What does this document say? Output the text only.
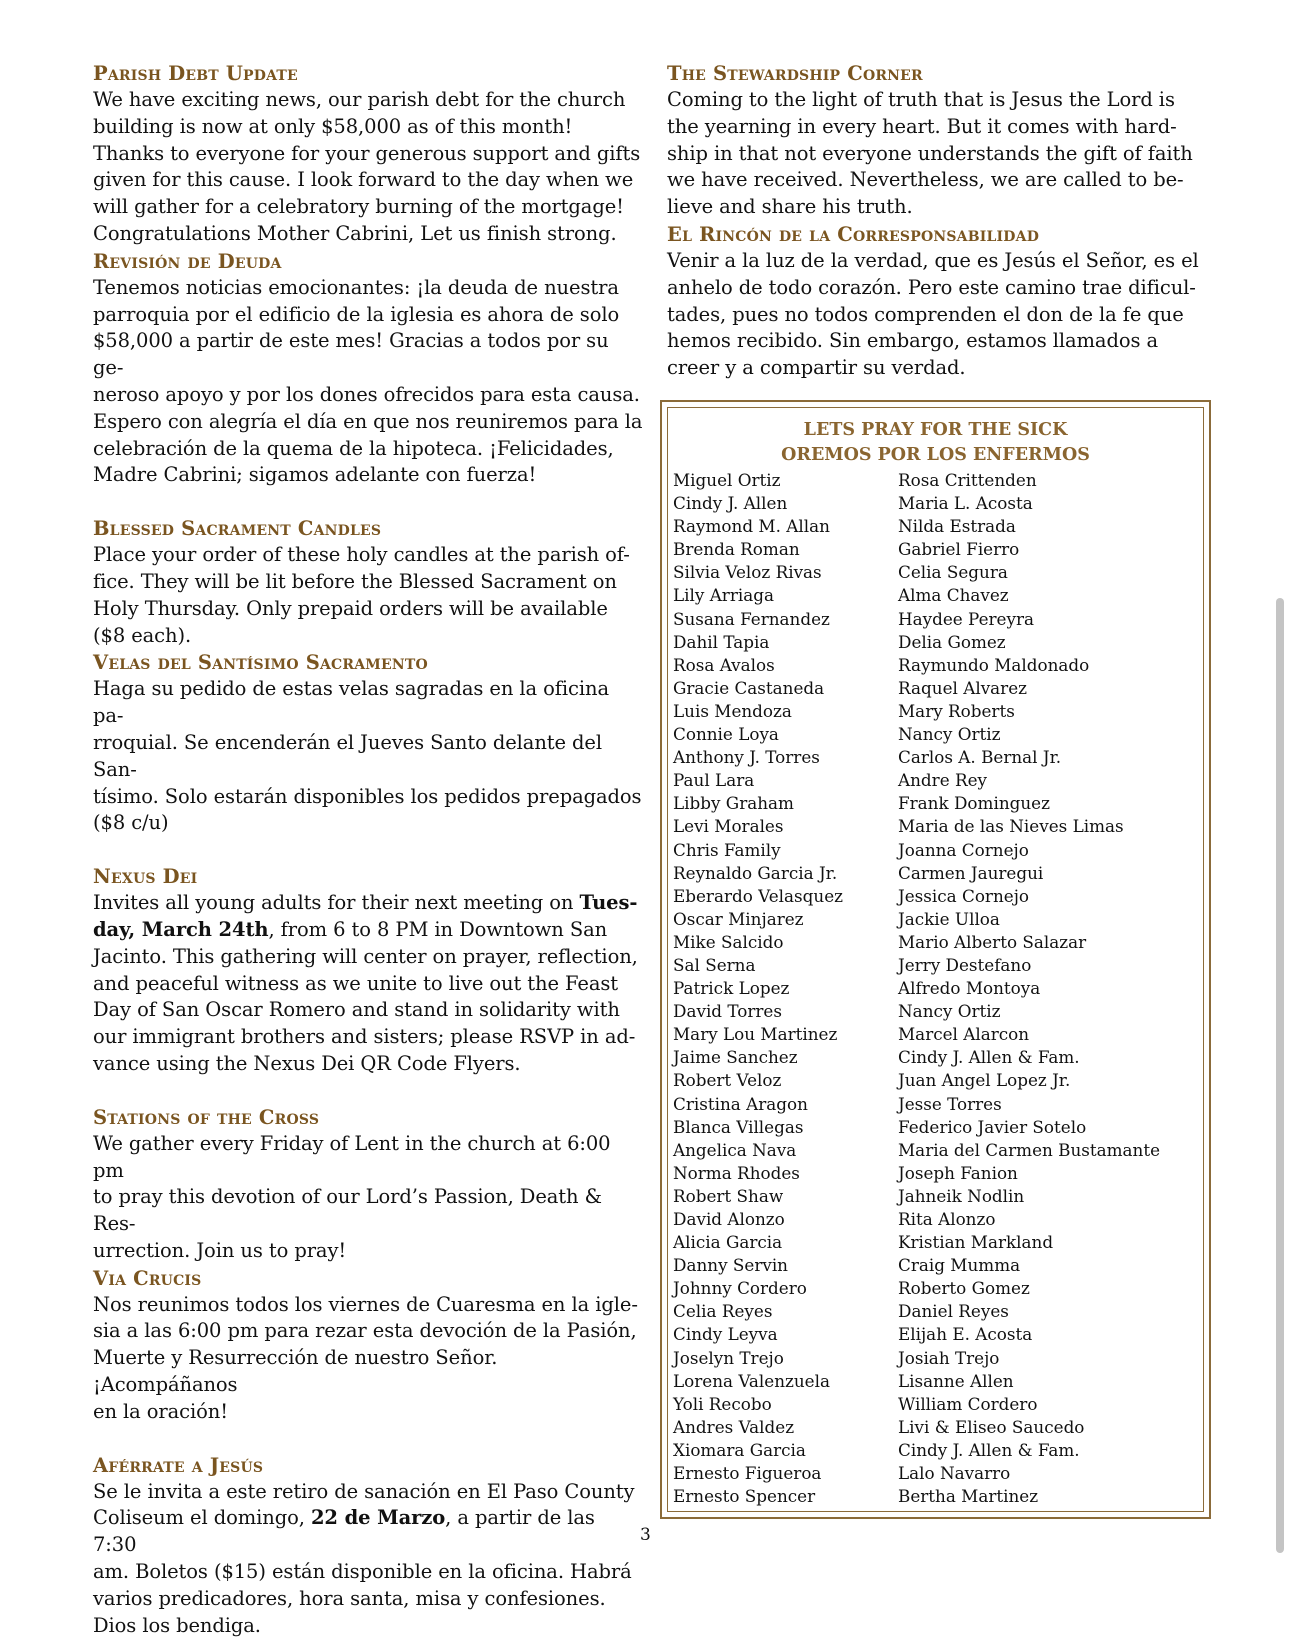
Parish Debt Update
We have exciting news, our parish debt for the church
building is now at only $58,000 as of this month!
Thanks to everyone for your generous support and gifts
given for this cause. I look forward to the day when we
will gather for a celebratory burning of the mortgage!
Congratulations Mother Cabrini, Let us finish strong.
Revisión de Deuda
Tenemos noticias emocionantes: ¡la deuda de nuestra
parroquia por el edificio de la iglesia es ahora de solo
$58,000 a partir de este mes! Gracias a todos por su ge-
neroso apoyo y por los dones ofrecidos para esta causa.
Espero con alegría el día en que nos reuniremos para la
celebración de la quema de la hipoteca. ¡Felicidades,
Madre Cabrini; sigamos adelante con fuerza!
Blessed Sacrament Candles
Place your order of these holy candles at the parish of-
fice. They will be lit before the Blessed Sacrament on
Holy Thursday. Only prepaid orders will be available
($8 each).
Velas del Santísimo Sacramento
Haga su pedido de estas velas sagradas en la oficina pa-
rroquial. Se encenderán el Jueves Santo delante del San-
tísimo. Solo estarán disponibles los pedidos prepagados
($8 c/u)
Nexus Dei
Invites all young adults for their next meeting on Tues-
day, March 24th, from 6 to 8 PM in Downtown San
Jacinto. This gathering will center on prayer, reflection,
and peaceful witness as we unite to live out the Feast
Day of San Oscar Romero and stand in solidarity with
our immigrant brothers and sisters; please RSVP in ad-
vance using the Nexus Dei QR Code Flyers.
Stations of the Cross
We gather every Friday of Lent in the church at 6:00 pm
to pray this devotion of our Lord’s Passion, Death & Res-
urrection. Join us to pray!
Via Crucis
Nos reunimos todos los viernes de Cuaresma en la igle-
sia a las 6:00 pm para rezar esta devoción de la Pasión,
Muerte y Resurrección de nuestro Señor. ¡Acompáñanos
en la oración!
Aférrate a Jesús
Se le invita a este retiro de sanación en El Paso County
Coliseum el domingo, 22 de Marzo, a partir de las 7:30
am. Boletos ($15) están disponible en la oficina. Habrá
varios predicadores, hora santa, misa y confesiones.
Dios los bendiga.
The Stewardship Corner
Coming to the light of truth that is Jesus the Lord is
the yearning in every heart. But it comes with hard-
ship in that not everyone understands the gift of faith
we have received. Nevertheless, we are called to be-
lieve and share his truth.
El Rincón de la Corresponsabilidad
Venir a la luz de la verdad, que es Jesús el Señor, es el
anhelo de todo corazón. Pero este camino trae dificul-
tades, pues no todos comprenden el don de la fe que
hemos recibido. Sin embargo, estamos llamados a
creer y a compartir su verdad.
LETS PRAY FOR THE SICK
OREMOS POR LOS ENFERMOS
Miguel Ortiz
Cindy J. Allen
Raymond M. Allan
Brenda Roman
Silvia Veloz Rivas
Lily Arriaga
Susana Fernandez
Dahil Tapia
Rosa Avalos
Gracie Castaneda
Luis Mendoza
Connie Loya
Anthony J. Torres
Paul Lara
Libby Graham
Levi Morales
Chris Family
Reynaldo Garcia Jr.
Eberardo Velasquez
Oscar Minjarez
Mike Salcido
Sal Serna
Patrick Lopez
David Torres
Mary Lou Martinez
Jaime Sanchez
Robert Veloz
Cristina Aragon
Blanca Villegas
Angelica Nava
Norma Rhodes
Robert Shaw
David Alonzo
Alicia Garcia
Danny Servin
Johnny Cordero
Celia Reyes
Cindy Leyva
Joselyn Trejo
Lorena Valenzuela
Yoli Recobo
Andres Valdez
Xiomara Garcia
Ernesto Figueroa
Ernesto Spencer
Rosa Crittenden
Maria L. Acosta
Nilda Estrada
Gabriel Fierro
Celia Segura
Alma Chavez
Haydee Pereyra
Delia Gomez
Raymundo Maldonado
Raquel Alvarez
Mary Roberts
Nancy Ortiz
Carlos A. Bernal Jr.
Andre Rey
Frank Dominguez
Maria de las Nieves Limas
Joanna Cornejo
Carmen Jauregui
Jessica Cornejo
Jackie Ulloa
Mario Alberto Salazar
Jerry Destefano
Alfredo Montoya
Nancy Ortiz
Marcel Alarcon
Cindy J. Allen & Fam.
Juan Angel Lopez Jr.
Jesse Torres
Federico Javier Sotelo
Maria del Carmen Bustamante
Joseph Fanion
Jahneik Nodlin
Rita Alonzo
Kristian Markland
Craig Mumma
Roberto Gomez
Daniel Reyes
Elijah E. Acosta
Josiah Trejo
Lisanne Allen
William Cordero
Livi & Eliseo Saucedo
Cindy J. Allen & Fam.
Lalo Navarro
Bertha Martinez
3
